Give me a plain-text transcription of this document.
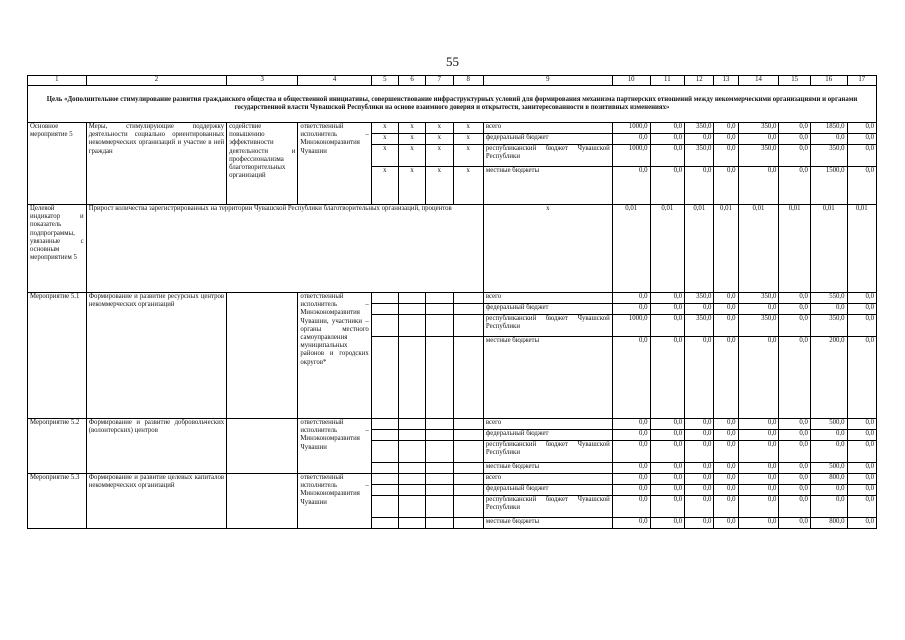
55
1	2	3	4	5	6	7	8	9	10	11	12	13	14	15	16	17
Цель «Дополнительное стимулирование развития гражданского общества и общественной инициативы, совершенствование инфраструктурных условий для формирования механизма партнерских отношений между некоммерческими организациями и органами государственной власти Чувашской Республики на основе взаимного доверия и открытости, заинтересованности в позитивных изменениях»																
Основное мероприятие 5	Меры, стимулирующие поддержку деятельности социально ориентированных некоммерческих организаций и участие в ней граждан	содействие повышению эффективности деятельности и профессионализма благотворительных организаций	ответственный исполнитель – Минэкономразвития Чувашии	x	x	x	x	всего	1000,0	0,0	350,0	0,0	350,0	0,0	1850,0	0,0
				x	x	x	x	федеральный бюджет	0,0	0,0	0,0	0,0	0,0	0,0	0,0	0,0
				x	x	x	x	республиканский бюджет Чувашской Республики	1000,0	0,0	350,0	0,0	350,0	0,0	350,0	0,0
				x	x	x	x	местные бюджеты	0,0	0,0	0,0	0,0	0,0	0,0	1500,0	0,0
Целевой индикатор и показатель подпрограммы, увязанные с основным мероприятием 5	Прирост количества зарегистрированных на территории Чувашской Республики благотворительных организаций, процентов							x	0,01	0,01	0,01	0,01	0,01	0,01	0,01	0,01
Мероприятие 5.1	Формирование и развитие ресурсных центров некоммерческих организаций		ответственный исполнитель – Минэкономразвития Чувашии, участники – органы местного самоуправления муниципальных районов и городских округов*					всего	0,0	0,0	350,0	0,0	350,0	0,0	550,0	0,0
								федеральный бюджет	0,0	0,0	0,0	0,0	0,0	0,0	0,0	0,0
								республиканский бюджет Чувашской Республики	1000,0	0,0	350,0	0,0	350,0	0,0	350,0	0,0
								местные бюджеты	0,0	0,0	0,0	0,0	0,0	0,0	200,0	0,0
Мероприятие 5.2	Формирование и развитие добровольческих (волонтерских) центров		ответственный исполнитель – Минэкономразвития Чувашии					всего	0,0	0,0	0,0	0,0	0,0	0,0	500,0	0,0
								федеральный бюджет	0,0	0,0	0,0	0,0	0,0	0,0	0,0	0,0
								республиканский бюджет Чувашской Республики	0,0	0,0	0,0	0,0	0,0	0,0	0,0	0,0
								местные бюджеты	0,0	0,0	0,0	0,0	0,0	0,0	500,0	0,0
Мероприятие 5.3	Формирование и развитие целевых капиталов некоммерческих организаций		ответственный исполнитель – Минэкономразвития Чувашии					всего	0,0	0,0	0,0	0,0	0,0	0,0	800,0	0,0
								федеральный бюджет	0,0	0,0	0,0	0,0	0,0	0,0	0,0	0,0
								республиканский бюджет Чувашской Республики	0,0	0,0	0,0	0,0	0,0	0,0	0,0	0,0
								местные бюджеты	0,0	0,0	0,0	0,0	0,0	0,0	800,0	0,0
